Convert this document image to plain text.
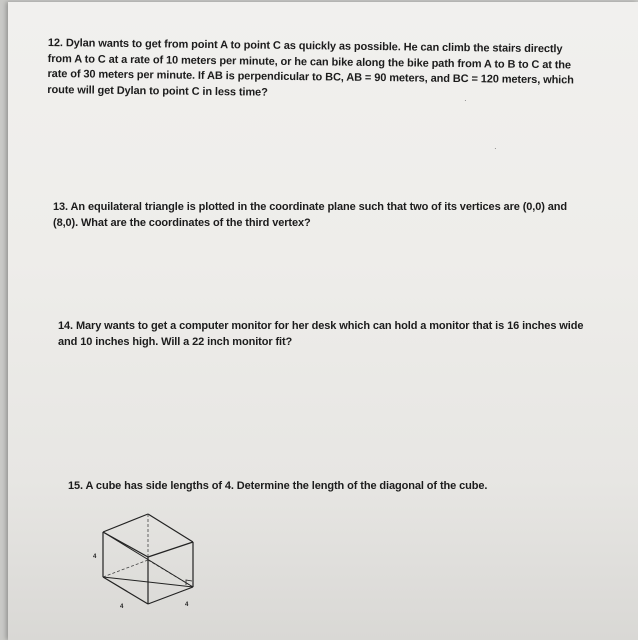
12. Dylan wants to get from point A to point C as quickly as possible. He can climb the stairs directly
from A to C at a rate of 10 meters per minute, or he can bike along the bike path from A to B to C at the
rate of 30 meters per minute. If AB is perpendicular to BC, AB = 90 meters, and BC = 120 meters, which
route will get Dylan to point C in less time?
·
·
13. An equilateral triangle is plotted in the coordinate plane such that two of its vertices are (0,0) and
(8,0). What are the coordinates of the third vertex?
14. Mary wants to get a computer monitor for her desk which can hold a monitor that is 16 inches wide
and 10 inches high. Will a 22 inch monitor fit?
15. A cube has side lengths of 4. Determine the length of the diagonal of the cube.
4
4	4
